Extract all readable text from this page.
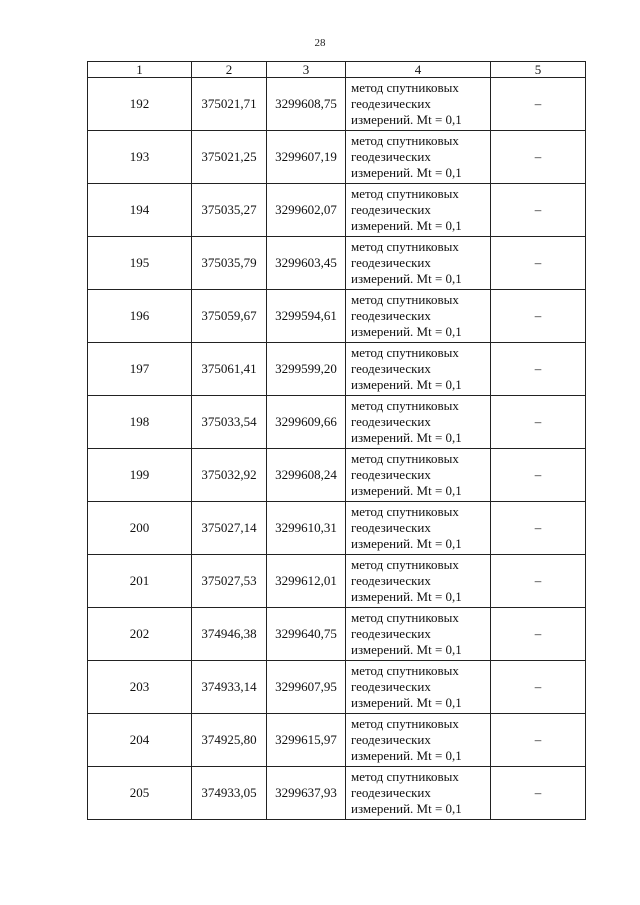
28
1	2	3	4	5
192	375021,71	3299608,75	метод спутниковых
геодезических
измерений. Mt = 0,1	–
193	375021,25	3299607,19	метод спутниковых
геодезических
измерений. Mt = 0,1	–
194	375035,27	3299602,07	метод спутниковых
геодезических
измерений. Mt = 0,1	–
195	375035,79	3299603,45	метод спутниковых
геодезических
измерений. Mt = 0,1	–
196	375059,67	3299594,61	метод спутниковых
геодезических
измерений. Mt = 0,1	–
197	375061,41	3299599,20	метод спутниковых
геодезических
измерений. Mt = 0,1	–
198	375033,54	3299609,66	метод спутниковых
геодезических
измерений. Mt = 0,1	–
199	375032,92	3299608,24	метод спутниковых
геодезических
измерений. Mt = 0,1	–
200	375027,14	3299610,31	метод спутниковых
геодезических
измерений. Mt = 0,1	–
201	375027,53	3299612,01	метод спутниковых
геодезических
измерений. Mt = 0,1	–
202	374946,38	3299640,75	метод спутниковых
геодезических
измерений. Mt = 0,1	–
203	374933,14	3299607,95	метод спутниковых
геодезических
измерений. Mt = 0,1	–
204	374925,80	3299615,97	метод спутниковых
геодезических
измерений. Mt = 0,1	–
205	374933,05	3299637,93	метод спутниковых
геодезических
измерений. Mt = 0,1	–
